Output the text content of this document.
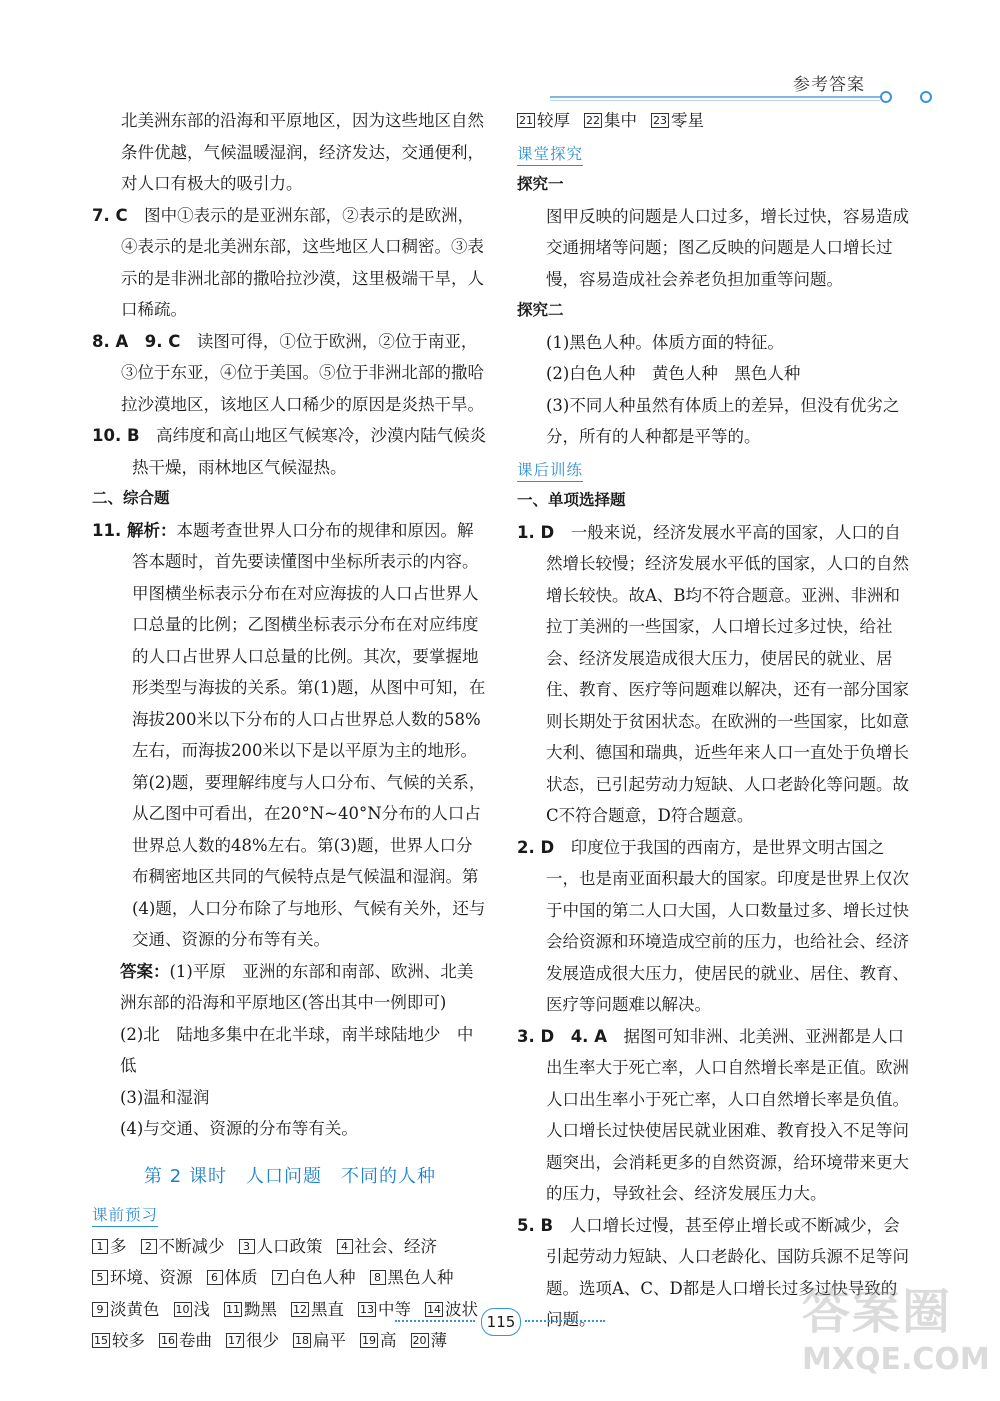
参考答案

北美洲东部的沿海和平原地区，因为这些地区自然条件优越，气候温暖湿润，经济发达，交通便利，对人口有极大的吸引力。

7. C　 图中①表示的是亚洲东部，②表示的是欧洲，④表示的是北美洲东部，这些地区人口稠密。③表示的是非洲北部的撒哈拉沙漠，这里极端干旱，人口稀疏。

8. A　 9. C　 读图可得，①位于欧洲，②位于南亚，③位于东亚，④位于美国。⑤位于非洲北部的撒哈拉沙漠地区，该地区人口稀少的原因是炎热干旱。

10. B　 高纬度和高山地区气候寒冷，沙漠内陆气候炎热干燥，雨林地区气候湿热。

二、综合题

11. 解析：本题考查世界人口分布的规律和原因。解答本题时，首先要读懂图中坐标所表示的内容。甲图横坐标表示分布在对应海拔的人口占世界人口总量的比例；乙图横坐标表示分布在对应纬度的人口占世界人口总量的比例。其次，要掌握地形类型与海拔的关系。第(1)题，从图中可知，在海拔200米以下分布的人口占世界总人数的58%左右，而海拔200米以下是以平原为主的地形。第(2)题，要理解纬度与人口分布、气候的关系，从乙图中可看出，在20°N~40°N分布的人口占世界总人数的48%左右。第(3)题，世界人口分布稠密地区共同的气候特点是气候温和湿润。第(4)题，人口分布除了与地形、气候有关外，还与交通、资源的分布等有关。

答案：(1)平原　亚洲的东部和南部、欧洲、北美洲东部的沿海和平原地区(答出其中一例即可)

(2)北　陆地多集中在北半球，南半球陆地少　中低

(3)温和湿润

(4)与交通、资源的分布等有关。

第 2 课时　人口问题　不同的人种
课前预习
1 多	2 不断减少	3 人口政策	4 社会、经济
5 环境、资源	6 体质	7 白色人种	8 黑色人种
9 淡黄色 10 浅 11 黝黑 12 黑直 13 中等 14 波状
15 较多 16 卷曲 17 很少 18 扁平 19 高 20 薄
21 较厚 22 集中 23 零星
课堂探究

探究一

图甲反映的问题是人口过多，增长过快，容易造成交通拥堵等问题；图乙反映的问题是人口增长过慢，容易造成社会养老负担加重等问题。

探究二

(1)黑色人种。体质方面的特征。

(2)白色人种　黄色人种　黑色人种

(3)不同人种虽然有体质上的差异，但没有优劣之分，所有的人种都是平等的。

课后训练

一、单项选择题

1. D　 一般来说，经济发展水平高的国家，人口的自然增长较慢；经济发展水平低的国家，人口的自然增长较快。故A、B均不符合题意。亚洲、非洲和拉丁美洲的一些国家，人口增长过多过快，给社会、经济发展造成很大压力，使居民的就业、居住、教育、医疗等问题难以解决，还有一部分国家则长期处于贫困状态。在欧洲的一些国家，比如意大利、德国和瑞典，近些年来人口一直处于负增长状态，已引起劳动力短缺、人口老龄化等问题。故C不符合题意，D符合题意。

2. D　 印度位于我国的西南方，是世界文明古国之一，也是南亚面积最大的国家。印度是世界上仅次于中国的第二人口大国，人口数量过多、增长过快会给资源和环境造成空前的压力，也给社会、经济发展造成很大压力，使居民的就业、居住、教育、医疗等问题难以解决。

3. D　 4. A　 据图可知非洲、北美洲、亚洲都是人口出生率大于死亡率，人口自然增长率是正值。欧洲人口出生率小于死亡率，人口自然增长率是负值。人口增长过快使居民就业困难、教育投入不足等问题突出，会消耗更多的自然资源，给环境带来更大的压力，导致社会、经济发展压力大。

5. B　 人口增长过慢，甚至停止增长或不断减少，会引起劳动力短缺、人口老龄化、国防兵源不足等问题。选项A、C、D都是人口增长过多过快导致的问题。

115	答案圈
MXQE.COM
